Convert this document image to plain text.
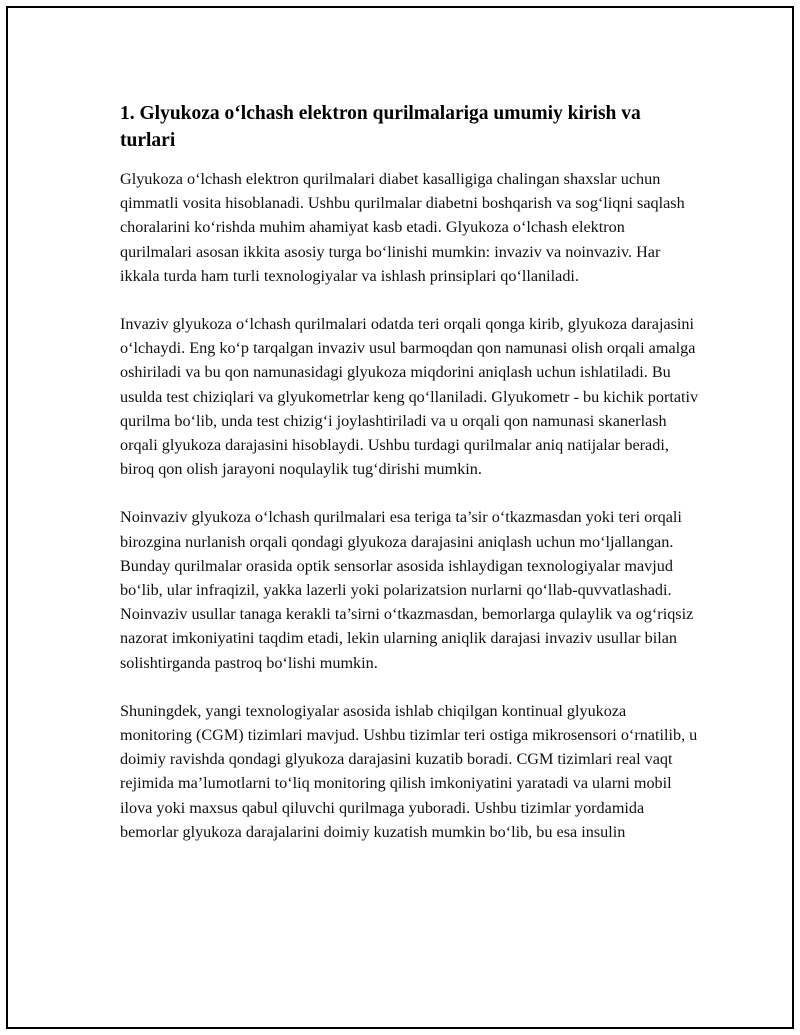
1. Glyukoza o‘lchash elektron qurilmalariga umumiy kirish va turlari

Glyukoza o‘lchash elektron qurilmalari diabet kasalligiga chalingan shaxslar uchun qimmatli vosita hisoblanadi. Ushbu qurilmalar diabetni boshqarish va sog‘liqni saqlash choralarini ko‘rishda muhim ahamiyat kasb etadi. Glyukoza o‘lchash elektron qurilmalari asosan ikkita asosiy turga bo‘linishi mumkin: invaziv va noinvaziv. Har ikkala turda ham turli texnologiyalar va ishlash prinsiplari qo‘llaniladi.

Invaziv glyukoza o‘lchash qurilmalari odatda teri orqali qonga kirib, glyukoza darajasini o‘lchaydi. Eng ko‘p tarqalgan invaziv usul barmoqdan qon namunasi olish orqali amalga oshiriladi va bu qon namunasidagi glyukoza miqdorini aniqlash uchun ishlatiladi. Bu usulda test chiziqlari va glyukometrlar keng qo‘llaniladi. Glyukometr - bu kichik portativ qurilma bo‘lib, unda test chizig‘i joylashtiriladi va u orqali qon namunasi skanerlash orqali glyukoza darajasini hisoblaydi. Ushbu turdagi qurilmalar aniq natijalar beradi, biroq qon olish jarayoni noqulaylik tug‘dirishi mumkin.

Noinvaziv glyukoza o‘lchash qurilmalari esa teriga ta’sir o‘tkazmasdan yoki teri orqali birozgina nurlanish orqali qondagi glyukoza darajasini aniqlash uchun mo‘ljallangan. Bunday qurilmalar orasida optik sensorlar asosida ishlaydigan texnologiyalar mavjud bo‘lib, ular infraqizil, yakka lazerli yoki polarizatsion nurlarni qo‘llab-quvvatlashadi. Noinvaziv usullar tanaga kerakli ta’sirni o‘tkazmasdan, bemorlarga qulaylik va og‘riqsiz nazorat imkoniyatini taqdim etadi, lekin ularning aniqlik darajasi invaziv usullar bilan solishtirganda pastroq bo‘lishi mumkin.

Shuningdek, yangi texnologiyalar asosida ishlab chiqilgan kontinual glyukoza monitoring (CGM) tizimlari mavjud. Ushbu tizimlar teri ostiga mikrosensori o‘rnatilib, u doimiy ravishda qondagi glyukoza darajasini kuzatib boradi. CGM tizimlari real vaqt rejimida ma’lumotlarni to‘liq monitoring qilish imkoniyatini yaratadi va ularni mobil ilova yoki maxsus qabul qiluvchi qurilmaga yuboradi. Ushbu tizimlar yordamida bemorlar glyukoza darajalarini doimiy kuzatish mumkin bo‘lib, bu esa insulin
